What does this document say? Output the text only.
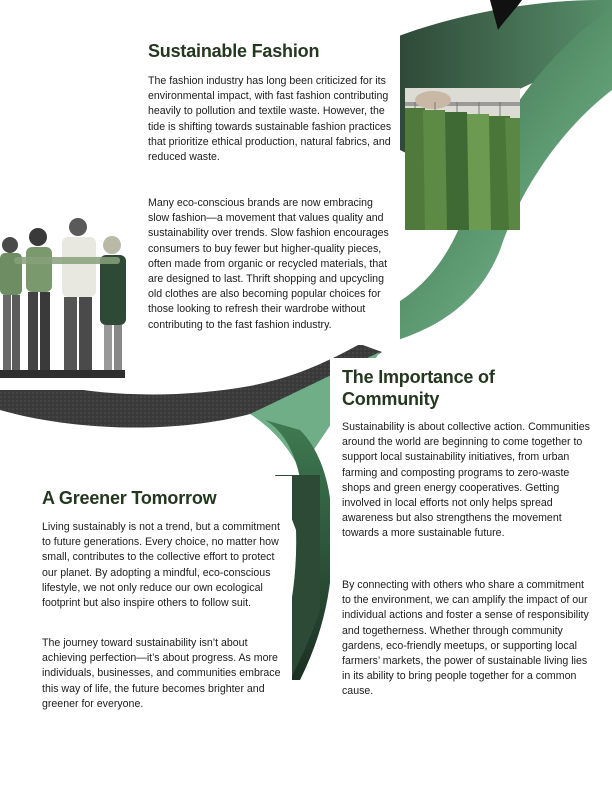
Sustainable Fashion

The fashion industry has long been criticized for its environmental impact, with fast fashion contributing heavily to pollution and textile waste. However, the tide is shifting towards sustainable fashion practices that prioritize ethical production, natural fabrics, and reduced waste.

Many eco-conscious brands are now embracing slow fashion—a movement that values quality and sustainability over trends. Slow fashion encourages consumers to buy fewer but higher-quality pieces, often made from organic or recycled materials, that are designed to last. Thrift shopping and upcycling old clothes are also becoming popular choices for those looking to refresh their wardrobe without contributing to the fast fashion industry.

The Importance of Community

Sustainability is about collective action. Communities around the world are beginning to come together to support local sustainability initiatives, from urban farming and composting programs to zero-waste shops and green energy cooperatives. Getting involved in local efforts not only helps spread awareness but also strengthens the movement towards a more sustainable future.

By connecting with others who share a commitment to the environment, we can amplify the impact of our individual actions and foster a sense of responsibility and togetherness. Whether through community gardens, eco-friendly meetups, or supporting local farmers’ markets, the power of sustainable living lies in its ability to bring people together for a common cause.

A Greener Tomorrow

Living sustainably is not a trend, but a commitment to future generations. Every choice, no matter how small, contributes to the collective effort to protect our planet. By adopting a mindful, eco-conscious lifestyle, we not only reduce our own ecological footprint but also inspire others to follow suit.

The journey toward sustainability isn’t about achieving perfection—it’s about progress. As more individuals, businesses, and communities embrace this way of life, the future becomes brighter and greener for everyone.
